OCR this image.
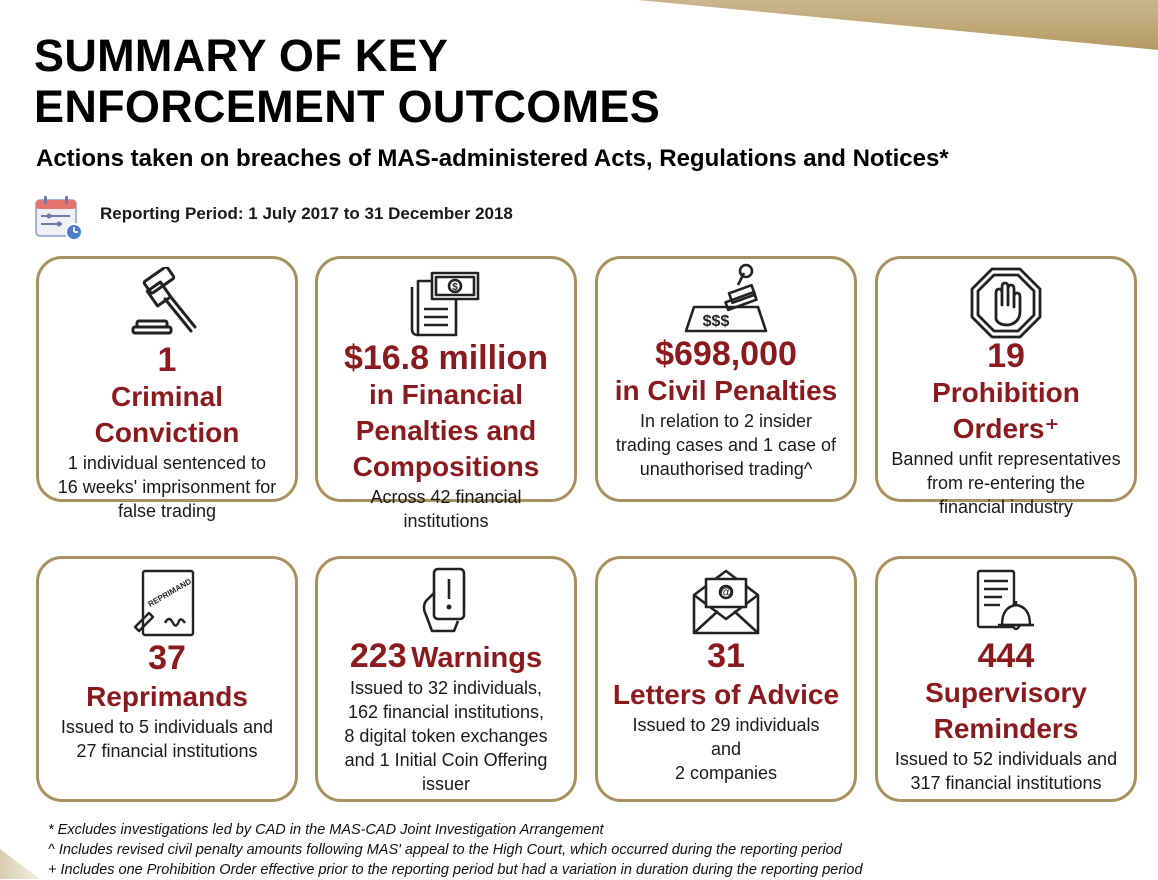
SUMMARY OF KEY
ENFORCEMENT OUTCOMES
Actions taken on breaches of MAS-administered Acts, Regulations and Notices*
Reporting Period: 1 July 2017 to 31 December 2018
1
Criminal
Conviction
1 individual sentenced to
16 weeks' imprisonment for
false trading
$
$16.8 million
in Financial
Penalties and
Compositions
Across 42 financial
institutions
$$$
$698,000
in Civil Penalties
In relation to 2 insider
trading cases and 1 case of
unauthorised trading^
19
Prohibition
Orders⁺
Banned unfit representatives
from re-entering the
financial industry
REPRIMAND
37
Reprimands
Issued to 5 individuals and
27 financial institutions
223 Warnings
Issued to 32 individuals,
162 financial institutions,
8 digital token exchanges
and 1 Initial Coin Offering
issuer
@
31
Letters of Advice
Issued to 29 individuals
and
2 companies
444
Supervisory
Reminders
Issued to 52 individuals and
317 financial institutions
* Excludes investigations led by CAD in the MAS-CAD Joint Investigation Arrangement
^ Includes revised civil penalty amounts following MAS' appeal to the High Court, which occurred during the reporting period
+ Includes one Prohibition Order effective prior to the reporting period but had a variation in duration during the reporting period
